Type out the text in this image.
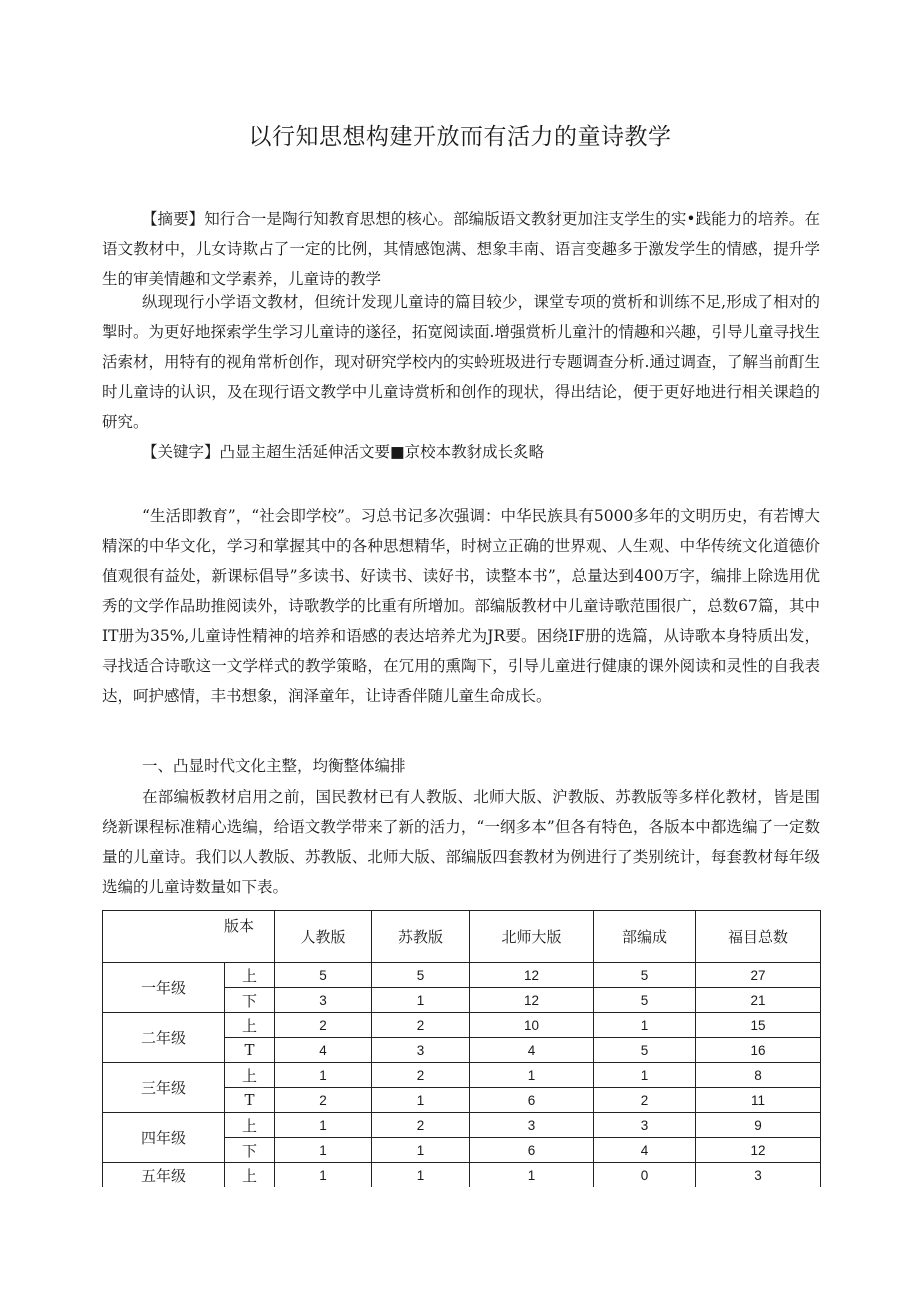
以行知思想构建开放而有活力的童诗教学

【摘要】知行合一是陶行知教育思想的核心。部编版语文教豺更加注支学生的实•践能力的培养。在语文教材中，儿女诗欺占了一定的比例，其情感饱满、想象丰南、语言变趣多于激发学生的情感，提升学生的审美情趣和文学素养，儿童诗的教学

纵现现行小学语文教材，但统计发现儿童诗的篇目较少，课堂专项的赏析和训练不足,形成了相对的掣时。为更好地探索学生学习儿童诗的遂径，拓宽阅读面.增强赏析儿童汁的情趣和兴趣，引导儿童寻找生活索材，用特有的视角常析创作，现对研究学校内的实蛉班圾进行专题调查分析.通过调查，了解当前酊生时儿童诗的认识，及在现行语文教学中儿童诗赏析和创作的现状，得出结论，便于更好地进行相关课趋的研究。

【关键字】凸显主超生活延伸活文要■京校本教豺成长炙略

“生活即教育”，“社会即学校”。习总书记多次强调：中华民族具有5000多年的文明历史，有若博大精深的中华文化，学习和掌握其中的各种思想精华，时树立正确的世界观、人生观、中华传统文化道德价值观很有益处，新课标倡导”多读书、好读书、读好书，读整本书”，总量达到400万字，编排上除选用优秀的文学作品助推阅读外，诗歌教学的比重有所增加。部编版教材中儿童诗歌范围很广，总数67篇，其中IT册为35%,儿童诗性精神的培养和语感的表达培养尤为JR要。困绕IF册的选篇，从诗歌本身特质出发，寻找适合诗歌这一文学样式的教学策略，在冗用的熏陶下，引导儿童进行健康的课外阅读和灵性的自我表达，呵护感情，丰书想象，润泽童年，让诗香伴随儿童生命成长。

一、凸显时代文化主整，均衡整体编排

在部编板教材启用之前，国民教材已有人教版、北师大版、沪教版、苏教版等多样化教材，皆是围绕新课程标准精心选编，给语文教学带来了新的活力，“一纲多本”但各有特色，各版本中都选编了一定数量的儿童诗。我们以人教版、苏教版、北师大版、部编版四套教材为例进行了类别统计，每套教材每年级选编的儿童诗数量如下表。

版本		人教版	苏教版	北师大版	部编成	福目总数
一年级	上	5	5	12	5	27
	下	3	1	12	5	21
二年级	上	2	2	10	1	15
	T	4	3	4	5	16
三年级	上	1	2	1	1	8
	T	2	1	6	2	11
四年级	上	1	2	3	3	9
	下	1	1	6	4	12
五年级	上	1	1	1	0	3
